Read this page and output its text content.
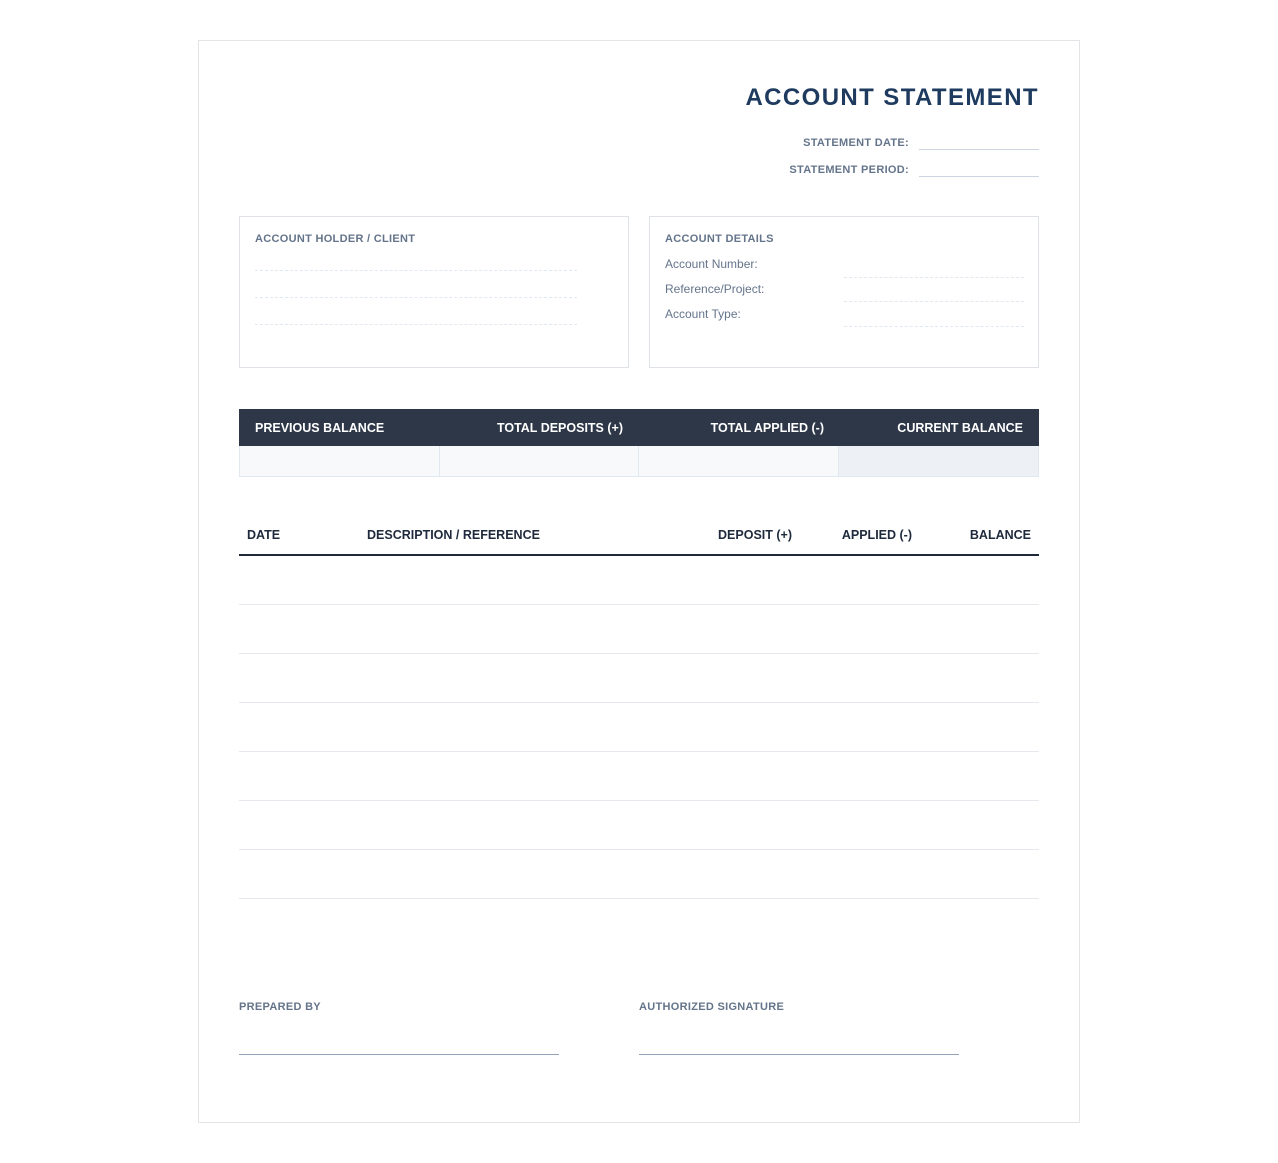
ACCOUNT STATEMENT
STATEMENT DATE:
STATEMENT PERIOD:
ACCOUNT HOLDER / CLIENT	ACCOUNT DETAILS
Account Number:
Reference/Project:
Account Type:
PREVIOUS BALANCE	TOTAL DEPOSITS (+)	TOTAL APPLIED (-)	CURRENT BALANCE
DATE	DESCRIPTION / REFERENCE	DEPOSIT (+)	APPLIED (-)	BALANCE
PREPARED BY	AUTHORIZED SIGNATURE
